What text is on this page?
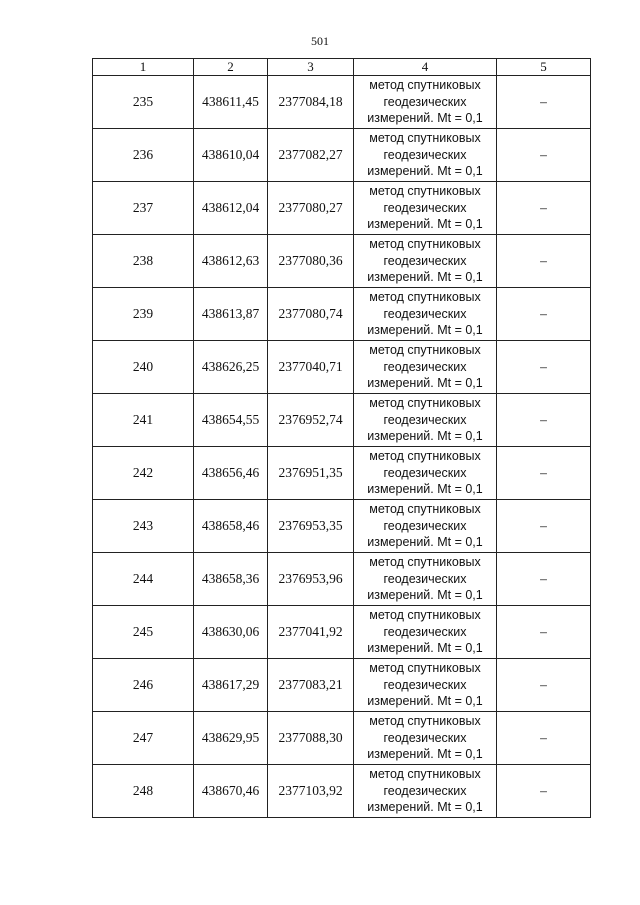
501
1	2	3	4	5
235	438611,45	2377084,18	метод спутниковых
геодезических
измерений. Mt = 0,1	–
236	438610,04	2377082,27	метод спутниковых
геодезических
измерений. Mt = 0,1	–
237	438612,04	2377080,27	метод спутниковых
геодезических
измерений. Mt = 0,1	–
238	438612,63	2377080,36	метод спутниковых
геодезических
измерений. Mt = 0,1	–
239	438613,87	2377080,74	метод спутниковых
геодезических
измерений. Mt = 0,1	–
240	438626,25	2377040,71	метод спутниковых
геодезических
измерений. Mt = 0,1	–
241	438654,55	2376952,74	метод спутниковых
геодезических
измерений. Mt = 0,1	–
242	438656,46	2376951,35	метод спутниковых
геодезических
измерений. Mt = 0,1	–
243	438658,46	2376953,35	метод спутниковых
геодезических
измерений. Mt = 0,1	–
244	438658,36	2376953,96	метод спутниковых
геодезических
измерений. Mt = 0,1	–
245	438630,06	2377041,92	метод спутниковых
геодезических
измерений. Mt = 0,1	–
246	438617,29	2377083,21	метод спутниковых
геодезических
измерений. Mt = 0,1	–
247	438629,95	2377088,30	метод спутниковых
геодезических
измерений. Mt = 0,1	–
248	438670,46	2377103,92	метод спутниковых
геодезических
измерений. Mt = 0,1	–
